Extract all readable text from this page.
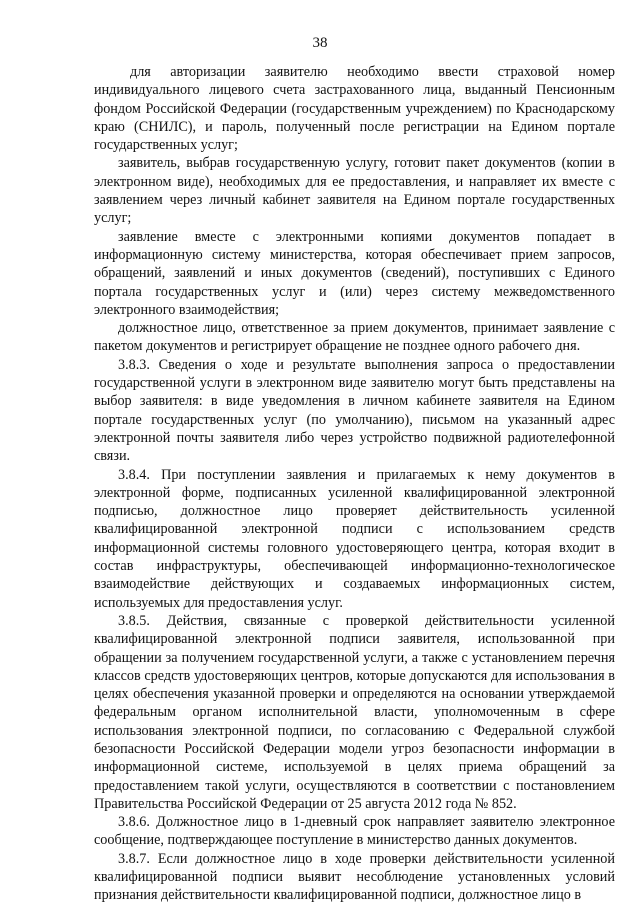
38

для авторизации заявителю необходимо ввести страховой номер индивидуального лицевого счета застрахованного лица, выданный Пенсионным фондом Российской Федерации (государственным учреждением) по Краснодарскому краю (СНИЛС), и пароль, полученный после регистрации на Едином портале государственных услуг;

заявитель, выбрав государственную услугу, готовит пакет документов (копии в электронном виде), необходимых для ее предоставления, и направляет их вместе с заявлением через личный кабинет заявителя на Едином портале государственных услуг;

заявление вместе с электронными копиями документов попадает в информационную систему министерства, которая обеспечивает прием запросов, обращений, заявлений и иных документов (сведений), поступивших с Единого портала государственных услуг и (или) через систему межведомственного электронного взаимодействия;

должностное лицо, ответственное за прием документов, принимает заявление с пакетом документов и регистрирует обращение не позднее одного рабочего дня.

3.8.3. Сведения о ходе и результате выполнения запроса о предоставлении государственной услуги в электронном виде заявителю могут быть представлены на выбор заявителя: в виде уведомления в личном кабинете заявителя на Едином портале государственных услуг (по умолчанию), письмом на указанный адрес электронной почты заявителя либо через устройство подвижной радиотелефонной связи.

3.8.4. При поступлении заявления и прилагаемых к нему документов в электронной форме, подписанных усиленной квалифицированной электронной подписью, должностное лицо проверяет действительность усиленной квалифицированной электронной подписи с использованием средств информационной системы головного удостоверяющего центра, которая входит в состав инфраструктуры, обеспечивающей информационно-технологическое взаимодействие действующих и создаваемых информационных систем, используемых для предоставления услуг.

3.8.5. Действия, связанные с проверкой действительности усиленной квалифицированной электронной подписи заявителя, использованной при обращении за получением государственной услуги, а также с установлением перечня классов средств удостоверяющих центров, которые допускаются для использования в целях обеспечения указанной проверки и определяются на основании утверждаемой федеральным органом исполнительной власти, уполномоченным в сфере использования электронной подписи, по согласованию с Федеральной службой безопасности Российской Федерации модели угроз безопасности информации в информационной системе, используемой в целях приема обращений за предоставлением такой услуги, осуществляются в соответствии с постановлением Правительства Российской Федерации от 25 августа 2012 года № 852.

3.8.6. Должностное лицо в 1-дневный срок направляет заявителю электронное сообщение, подтверждающее поступление в министерство данных документов.

3.8.7. Если должностное лицо в ходе проверки действительности усиленной квалифицированной подписи выявит несоблюдение установленных условий признания действительности квалифицированной подписи, должностное лицо в
